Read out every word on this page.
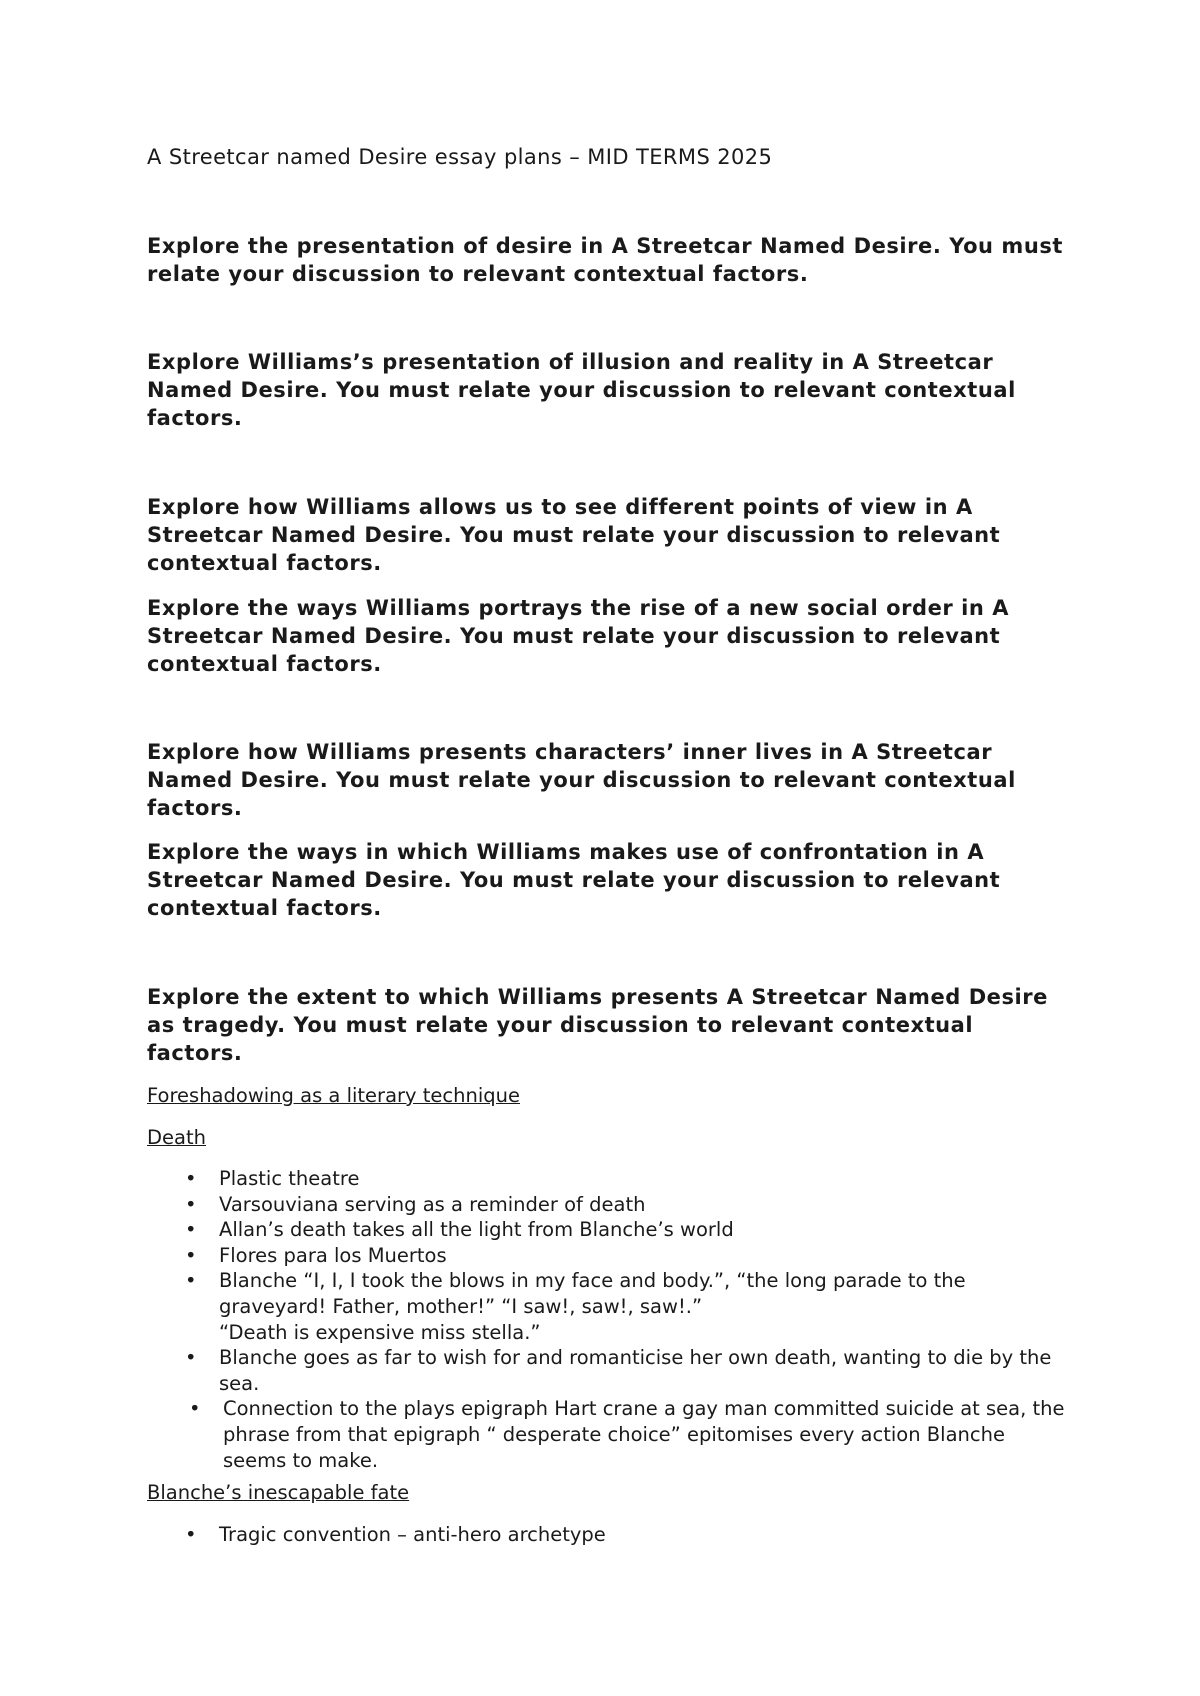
A Streetcar named Desire essay plans – MID TERMS 2025

Explore the presentation of desire in A Streetcar Named Desire. You must relate your discussion to relevant contextual factors.

Explore Williams’s presentation of illusion and reality in A Streetcar Named Desire. You must relate your discussion to relevant contextual factors.

Explore how Williams allows us to see different points of view in A Streetcar Named Desire. You must relate your discussion to relevant contextual factors.

Explore the ways Williams portrays the rise of a new social order in A Streetcar Named Desire. You must relate your discussion to relevant contextual factors.

Explore how Williams presents characters’ inner lives in A Streetcar Named Desire. You must relate your discussion to relevant contextual factors.

Explore the ways in which Williams makes use of confrontation in A Streetcar Named Desire. You must relate your discussion to relevant contextual factors.

Explore the extent to which Williams presents A Streetcar Named Desire as tragedy. You must relate your discussion to relevant contextual factors.

Foreshadowing as a literary technique

Death

• Plastic theatre
• Varsouviana serving as a reminder of death
• Allan’s death takes all the light from Blanche’s world
• Flores para los Muertos
• Blanche “I, I, I took the blows in my face and body.”, “the long parade to the graveyard! Father, mother!” “I saw!, saw!, saw!.”
“Death is expensive miss stella.”
• Blanche goes as far to wish for and romanticise her own death, wanting to die by the sea.
• Connection to the plays epigraph Hart crane a gay man committed suicide at sea, the phrase from that epigraph “ desperate choice” epitomises every action Blanche seems to make.

Blanche’s inescapable fate

• Tragic convention – anti-hero archetype
